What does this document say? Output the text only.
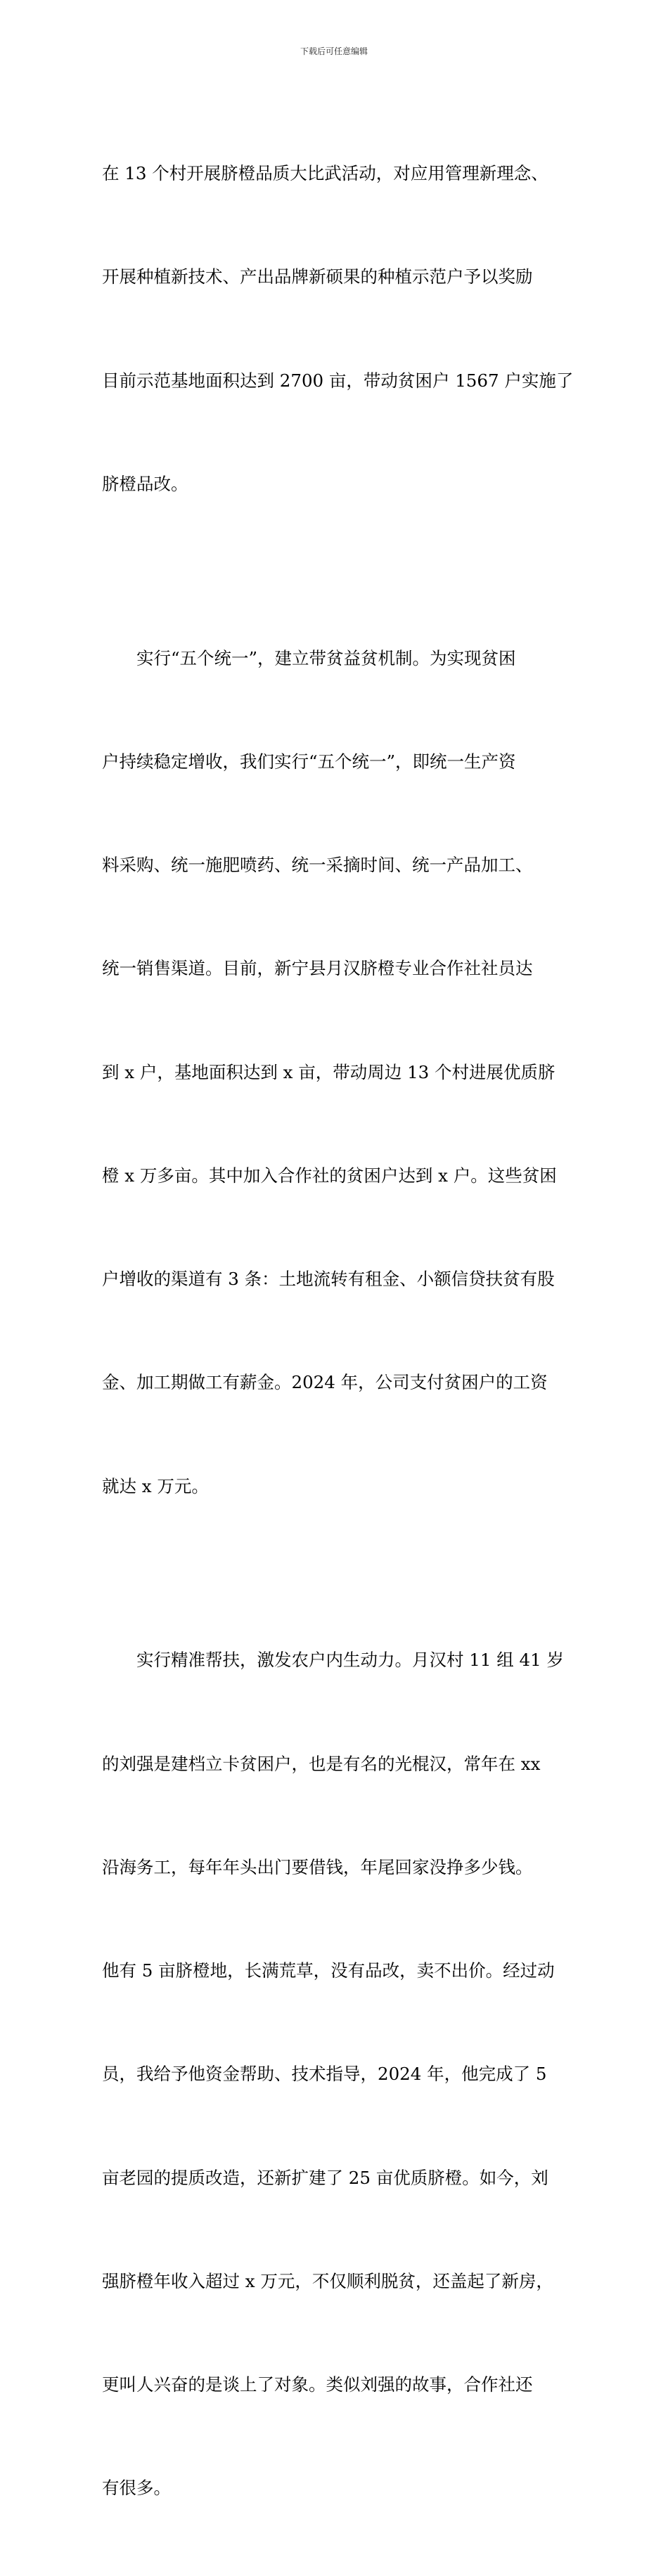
下载后可任意编辑

在 13 个村开展脐橙品质大比武活动，对应用管理新理念、

开展种植新技术、产出品牌新硕果的种植示范户予以奖励

目前示范基地面积达到 2700 亩，带动贫困户 1567 户实施了

脐橙品改。

实行“五个统一”，建立带贫益贫机制。为实现贫困

户持续稳定增收，我们实行“五个统一”，即统一生产资

料采购、统一施肥喷药、统一采摘时间、统一产品加工、

统一销售渠道。目前，新宁县月汉脐橙专业合作社社员达

到 x 户，基地面积达到 x 亩，带动周边 13 个村进展优质脐

橙 x 万多亩。其中加入合作社的贫困户达到 x 户。这些贫困

户增收的渠道有 3 条：土地流转有租金、小额信贷扶贫有股

金、加工期做工有薪金。2024 年，公司支付贫困户的工资

就达 x 万元。

实行精准帮扶，激发农户内生动力。月汉村 11 组 41 岁

的刘强是建档立卡贫困户，也是有名的光棍汉，常年在 xx

沿海务工，每年年头出门要借钱，年尾回家没挣多少钱。

他有 5 亩脐橙地，长满荒草，没有品改，卖不出价。经过动

员，我给予他资金帮助、技术指导，2024 年，他完成了 5

亩老园的提质改造，还新扩建了 25 亩优质脐橙。如今，刘

强脐橙年收入超过 x 万元，不仅顺利脱贫，还盖起了新房，

更叫人兴奋的是谈上了对象。类似刘强的故事，合作社还

有很多。
